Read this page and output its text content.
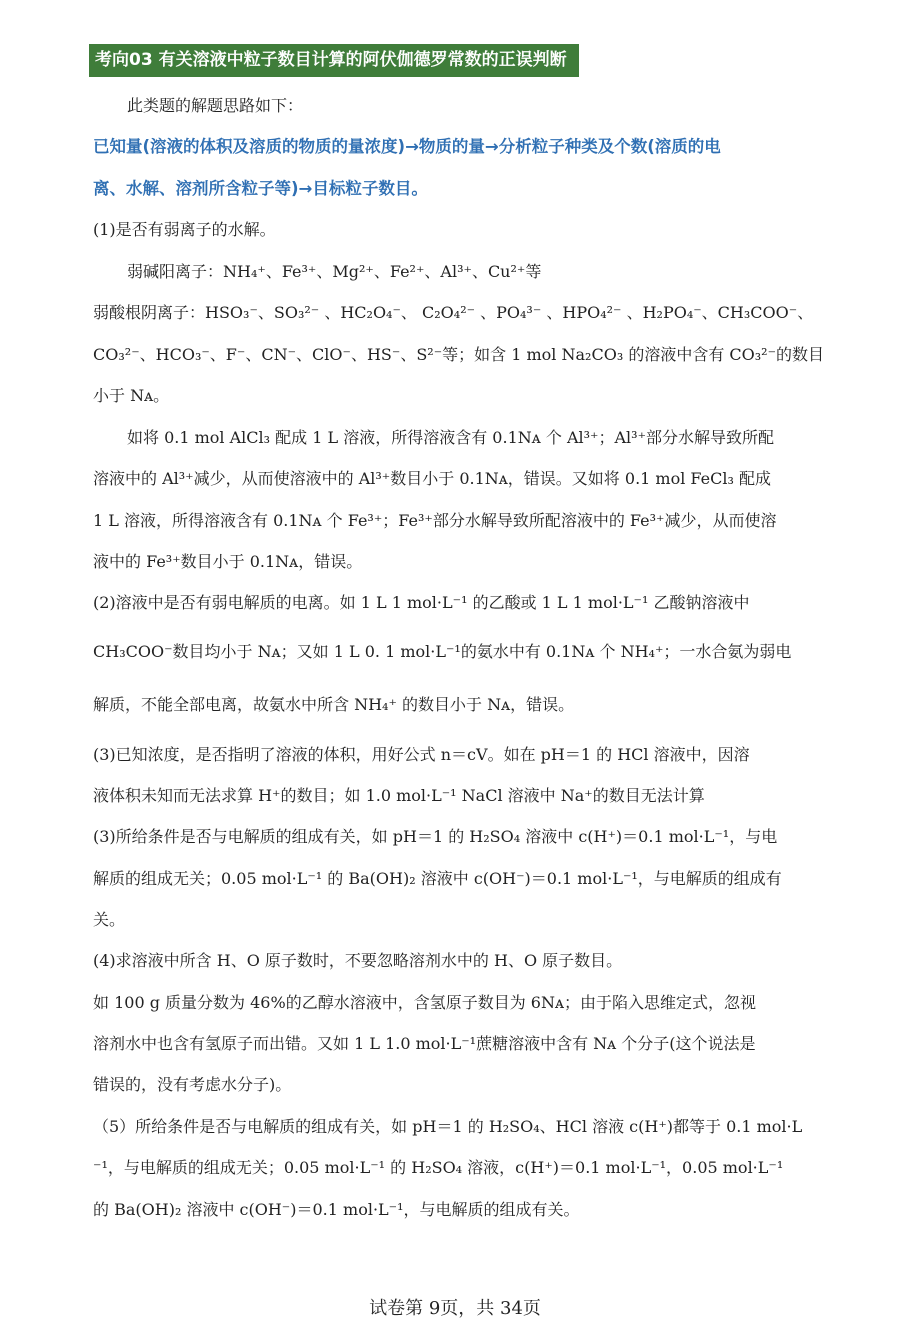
考向03 有关溶液中粒子数目计算的阿伏伽德罗常数的正误判断
此类题的解题思路如下：
已知量(溶液的体积及溶质的物质的量浓度)→物质的量→分析粒子种类及个数(溶质的电
离、水解、溶剂所含粒子等)→目标粒子数目。
(1)是否有弱离子的水解。
弱碱阳离子：NH₄⁺、Fe³⁺、Mg²⁺、Fe²⁺、Al³⁺、Cu²⁺等
弱酸根阴离子：HSO₃⁻、SO₃²⁻ 、HC₂O₄⁻、 C₂O₄²⁻ 、PO₄³⁻ 、HPO₄²⁻ 、H₂PO₄⁻、CH₃COO⁻、
CO₃²⁻、HCO₃⁻、F⁻、CN⁻、ClO⁻、HS⁻、S²⁻等；如含 1 mol Na₂CO₃ 的溶液中含有 CO₃²⁻的数目
小于 Nᴀ。
如将 0.1 mol AlCl₃ 配成 1 L 溶液，所得溶液含有 0.1Nᴀ 个 Al³⁺；Al³⁺部分水解导致所配
溶液中的 Al³⁺减少，从而使溶液中的 Al³⁺数目小于 0.1Nᴀ，错误。又如将 0.1 mol FeCl₃ 配成
1 L 溶液，所得溶液含有 0.1Nᴀ 个 Fe³⁺；Fe³⁺部分水解导致所配溶液中的 Fe³⁺减少，从而使溶
液中的 Fe³⁺数目小于 0.1Nᴀ，错误。
(2)溶液中是否有弱电解质的电离。如 1 L 1 mol·L⁻¹ 的乙酸或 1 L 1 mol·L⁻¹ 乙酸钠溶液中
CH₃COO⁻数目均小于 Nᴀ；又如 1 L 0. 1 mol·L⁻¹的氨水中有 0.1Nᴀ 个 NH₄⁺；一水合氨为弱电
解质，不能全部电离，故氨水中所含 NH₄⁺ 的数目小于 Nᴀ，错误。
(3)已知浓度，是否指明了溶液的体积，用好公式 n＝cV。如在 pH＝1 的 HCl 溶液中，因溶
液体积未知而无法求算 H⁺的数目；如 1.0 mol·L⁻¹ NaCl 溶液中 Na⁺的数目无法计算
(3)所给条件是否与电解质的组成有关，如 pH＝1 的 H₂SO₄ 溶液中 c(H⁺)＝0.1 mol·L⁻¹，与电
解质的组成无关；0.05 mol·L⁻¹ 的 Ba(OH)₂ 溶液中 c(OH⁻)＝0.1 mol·L⁻¹，与电解质的组成有
关。
(4)求溶液中所含 H、O 原子数时，不要忽略溶剂水中的 H、O 原子数目。
如 100 g 质量分数为 46%的乙醇水溶液中，含氢原子数目为 6Nᴀ；由于陷入思维定式，忽视
溶剂水中也含有氢原子而出错。又如 1 L 1.0 mol·L⁻¹蔗糖溶液中含有 Nᴀ 个分子(这个说法是
错误的，没有考虑水分子)。
（5）所给条件是否与电解质的组成有关，如 pH＝1 的 H₂SO₄、HCl 溶液 c(H⁺)都等于 0.1 mol·L
⁻¹，与电解质的组成无关；0.05 mol·L⁻¹ 的 H₂SO₄ 溶液，c(H⁺)＝0.1 mol·L⁻¹，0.05 mol·L⁻¹
的 Ba(OH)₂ 溶液中 c(OH⁻)＝0.1 mol·L⁻¹，与电解质的组成有关。
试卷第 9页，共 34页
